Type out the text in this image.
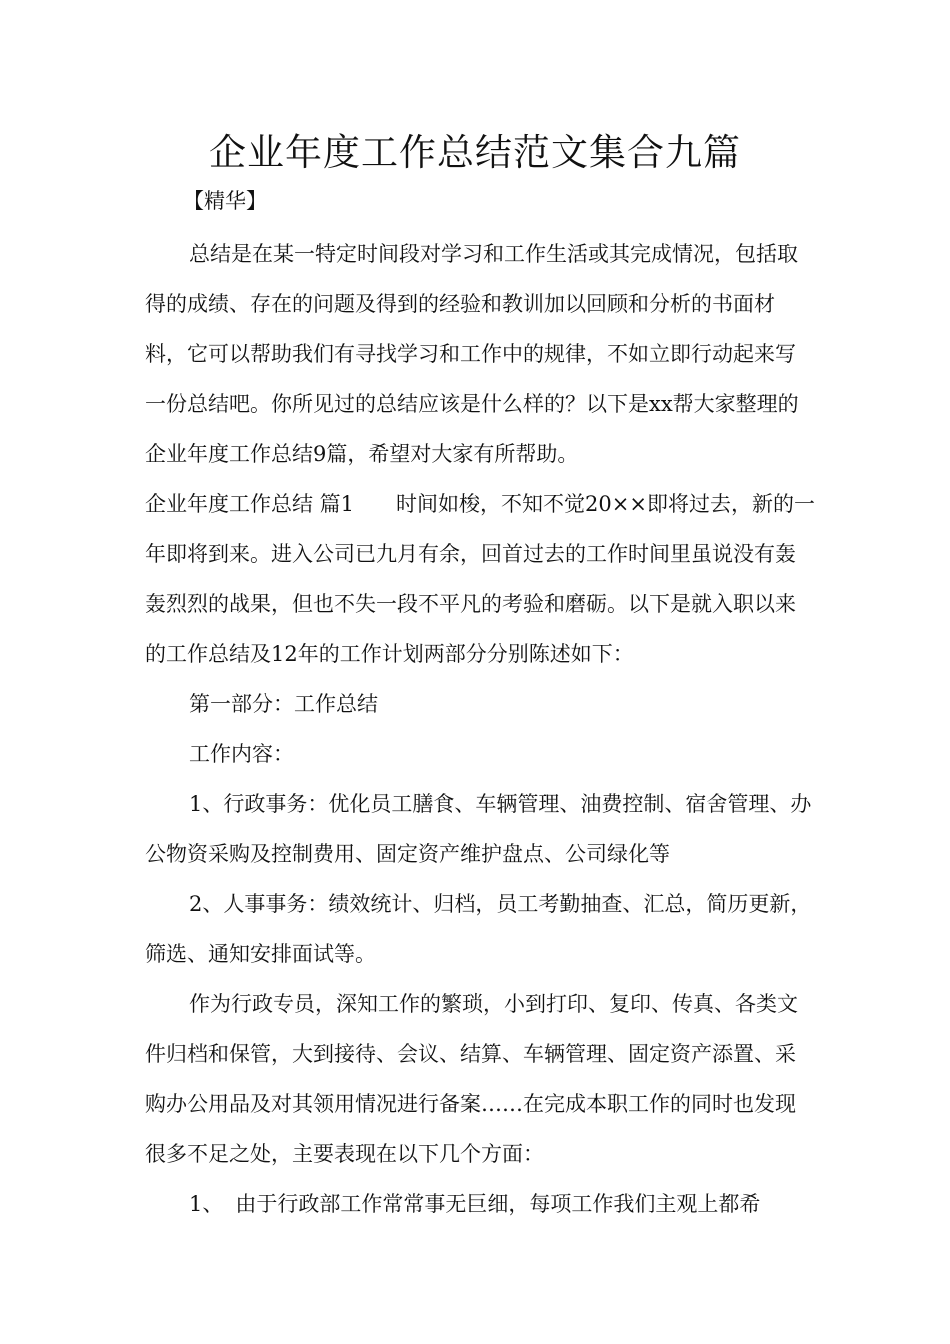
企业年度工作总结范文集合九篇
【精华】

总结是在某一特定时间段对学习和工作生活或其完成情况，包括取得的成绩、存在的问题及得到的经验和教训加以回顾和分析的书面材料，它可以帮助我们有寻找学习和工作中的规律，不如立即行动起来写一份总结吧。你所见过的总结应该是什么样的？以下是xx帮大家整理的企业年度工作总结9篇，希望对大家有所帮助。

企业年度工作总结 篇1 时间如梭，不知不觉20××即将过去，新的一年即将到来。进入公司已九月有余，回首过去的工作时间里虽说没有轰轰烈烈的战果，但也不失一段不平凡的考验和磨砺。以下是就入职以来的工作总结及12年的工作计划两部分分别陈述如下：

第一部分：工作总结

工作内容：

1、行政事务：优化员工膳食、车辆管理、油费控制、宿舍管理、办公物资采购及控制费用、固定资产维护盘点、公司绿化等

2、人事事务：绩效统计、归档，员工考勤抽查、汇总，简历更新，筛选、通知安排面试等。

作为行政专员，深知工作的繁琐，小到打印、复印、传真、各类文件归档和保管，大到接待、会议、结算、车辆管理、固定资产添置、采购办公用品及对其领用情况进行备案……在完成本职工作的同时也发现很多不足之处，主要表现在以下几个方面：

1、 由于行政部工作常常事无巨细，每项工作我们主观上都希
